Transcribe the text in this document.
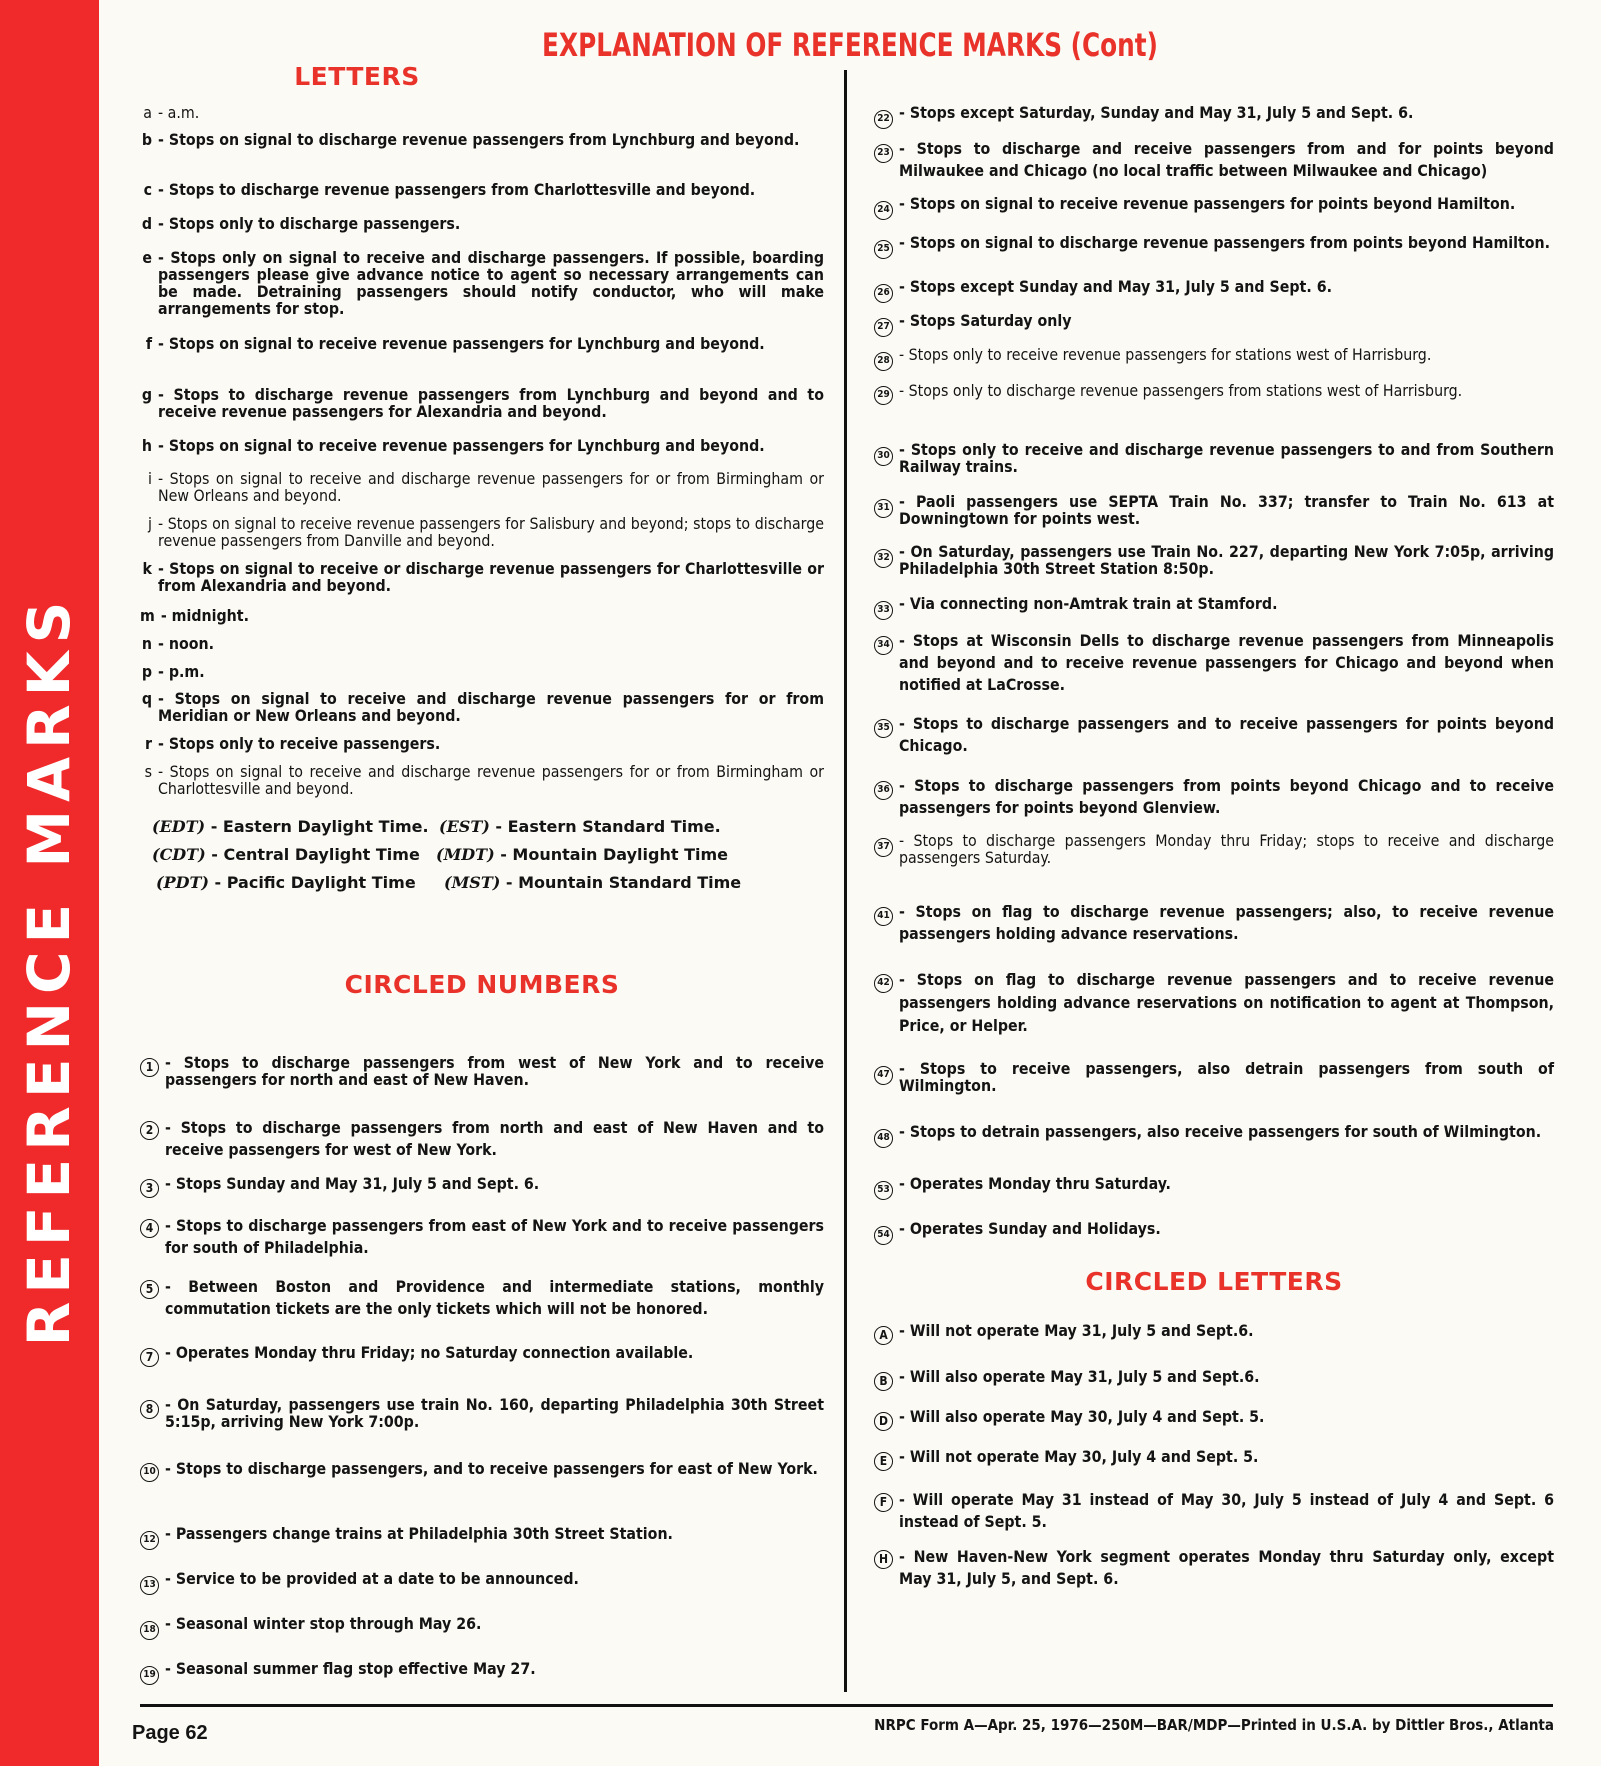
REFERENCE MARKS
EXPLANATION OF REFERENCE MARKS (Cont)
LETTERS
a - a.m.
b - Stops on signal to discharge revenue passengers from Lynchburg and beyond.
c - Stops to discharge revenue passengers from Charlottesville and beyond.
d - Stops only to discharge passengers.
e - Stops only on signal to receive and discharge passengers. If possible, boarding passengers please give advance notice to agent so necessary arrangements can be made. Detraining passengers should notify conductor, who will make arrangements for stop.
f - Stops on signal to receive revenue passengers for Lynchburg and beyond.
g - Stops to discharge revenue passengers from Lynchburg and beyond and to receive revenue passengers for Alexandria and beyond.
h - Stops on signal to receive revenue passengers for Lynchburg and beyond.
i - Stops on signal to receive and discharge revenue passengers for or from Birmingham or New Orleans and beyond.
j - Stops on signal to receive revenue passengers for Salisbury and beyond; stops to discharge revenue passengers from Danville and beyond.
k - Stops on signal to receive or discharge revenue passengers for Charlottesville or from Alexandria and beyond.
m - midnight.
n - noon.
p - p.m.
q - Stops on signal to receive and discharge revenue passengers for or from Meridian or New Orleans and beyond.
r - Stops only to receive passengers.
s - Stops on signal to receive and discharge revenue passengers for or from Birmingham or Charlottesville and beyond.
(EDT) - Eastern Daylight Time. (EST) - Eastern Standard Time.
(CDT) - Central Daylight Time (MDT) - Mountain Daylight Time
(PDT) - Pacific Daylight Time (MST) - Mountain Standard Time
CIRCLED NUMBERS
1 - Stops to discharge passengers from west of New York and to receive passengers for north and east of New Haven.
2 - Stops to discharge passengers from north and east of New Haven and to receive passengers for west of New York.
3 - Stops Sunday and May 31, July 5 and Sept. 6.
4 - Stops to discharge passengers from east of New York and to receive passengers for south of Philadelphia.
5 - Between Boston and Providence and intermediate stations, monthly commutation tickets are the only tickets which will not be honored.
7 - Operates Monday thru Friday; no Saturday connection available.
8 - On Saturday, passengers use train No. 160, departing Philadelphia 30th Street 5:15p, arriving New York 7:00p.
10 - Stops to discharge passengers, and to receive passengers for east of New York.
12 - Passengers change trains at Philadelphia 30th Street Station.
13 - Service to be provided at a date to be announced.
18 - Seasonal winter stop through May 26.
19 - Seasonal summer flag stop effective May 27.
22 - Stops except Saturday, Sunday and May 31, July 5 and Sept. 6.
23 - Stops to discharge and receive passengers from and for points beyond Milwaukee and Chicago (no local traffic between Milwaukee and Chicago)
24 - Stops on signal to receive revenue passengers for points beyond Hamilton.
25 - Stops on signal to discharge revenue passengers from points beyond Hamilton.
26 - Stops except Sunday and May 31, July 5 and Sept. 6.
27 - Stops Saturday only
28 - Stops only to receive revenue passengers for stations west of Harrisburg.
29 - Stops only to discharge revenue passengers from stations west of Harrisburg.
30 - Stops only to receive and discharge revenue passengers to and from Southern Railway trains.
31 - Paoli passengers use SEPTA Train No. 337; transfer to Train No. 613 at Downingtown for points west.
32 - On Saturday, passengers use Train No. 227, departing New York 7:05p, arriving Philadelphia 30th Street Station 8:50p.
33 - Via connecting non-Amtrak train at Stamford.
34 - Stops at Wisconsin Dells to discharge revenue passengers from Minneapolis and beyond and to receive revenue passengers for Chicago and beyond when notified at LaCrosse.
35 - Stops to discharge passengers and to receive passengers for points beyond Chicago.
36 - Stops to discharge passengers from points beyond Chicago and to receive passengers for points beyond Glenview.
37 - Stops to discharge passengers Monday thru Friday; stops to receive and discharge passengers Saturday.
41 - Stops on flag to discharge revenue passengers; also, to receive revenue passengers holding advance reservations.
42 - Stops on flag to discharge revenue passengers and to receive revenue passengers holding advance reservations on notification to agent at Thompson, Price, or Helper.
47 - Stops to receive passengers, also detrain passengers from south of Wilmington.
48 - Stops to detrain passengers, also receive passengers for south of Wilmington.
53 - Operates Monday thru Saturday.
54 - Operates Sunday and Holidays.
CIRCLED LETTERS
A - Will not operate May 31, July 5 and Sept.6.
B - Will also operate May 31, July 5 and Sept.6.
D - Will also operate May 30, July 4 and Sept. 5.
E - Will not operate May 30, July 4 and Sept. 5.
F - Will operate May 31 instead of May 30, July 5 instead of July 4 and Sept. 6 instead of Sept. 5.
H - New Haven-New York segment operates Monday thru Saturday only, except May 31, July 5, and Sept. 6.
Page 62	NRPC Form A—Apr. 25, 1976—250M—BAR/MDP—Printed in U.S.A. by Dittler Bros., Atlanta
